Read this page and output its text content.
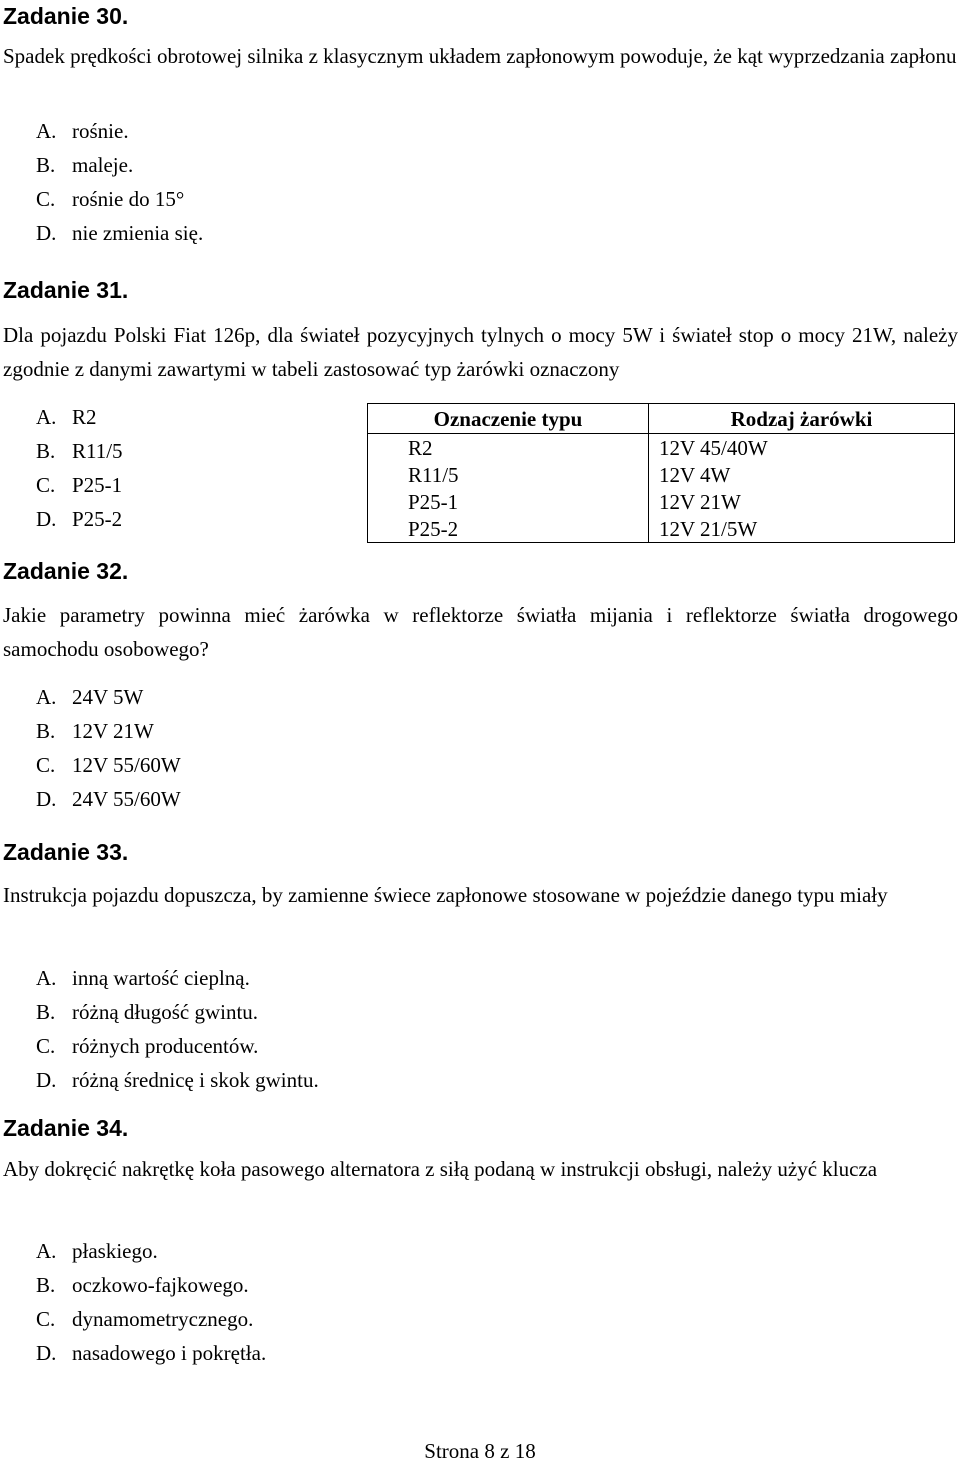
Zadanie 30.

Spadek prędkości obrotowej silnika z klasycznym układem zapłonowym powoduje, że kąt wyprzedzania zapłonu

A. rośnie.
B. maleje.
C. rośnie do 15°
D. nie zmienia się.
Zadanie 31.

Dla pojazdu Polski Fiat 126p, dla świateł pozycyjnych tylnych o mocy 5W i świateł stop o mocy 21W, należy zgodnie z danymi zawartymi w tabeli zastosować typ żarówki oznaczony

A. R2
B. R11/5
C. P25-1
D. P25-2
Oznaczenie typu	Rodzaj żarówki
R2	12V 45/40W
R11/5	12V 4W
P25-1	12V 21W
P25-2	12V 21/5W
Zadanie 32.

Jakie parametry powinna mieć żarówka w reflektorze światła mijania i reflektorze światła drogowego samochodu osobowego?

A. 24V 5W
B. 12V 21W
C. 12V 55/60W
D. 24V 55/60W
Zadanie 33.

Instrukcja pojazdu dopuszcza, by zamienne świece zapłonowe stosowane w pojeździe danego typu miały

A. inną wartość cieplną.
B. różną długość gwintu.
C. różnych producentów.
D. różną średnicę i skok gwintu.
Zadanie 34.

Aby dokręcić nakrętkę koła pasowego alternatora z siłą podaną w instrukcji obsługi, należy użyć klucza

A. płaskiego.
B. oczkowo-fajkowego.
C. dynamometrycznego.
D. nasadowego i pokrętła.
Strona 8 z 18
